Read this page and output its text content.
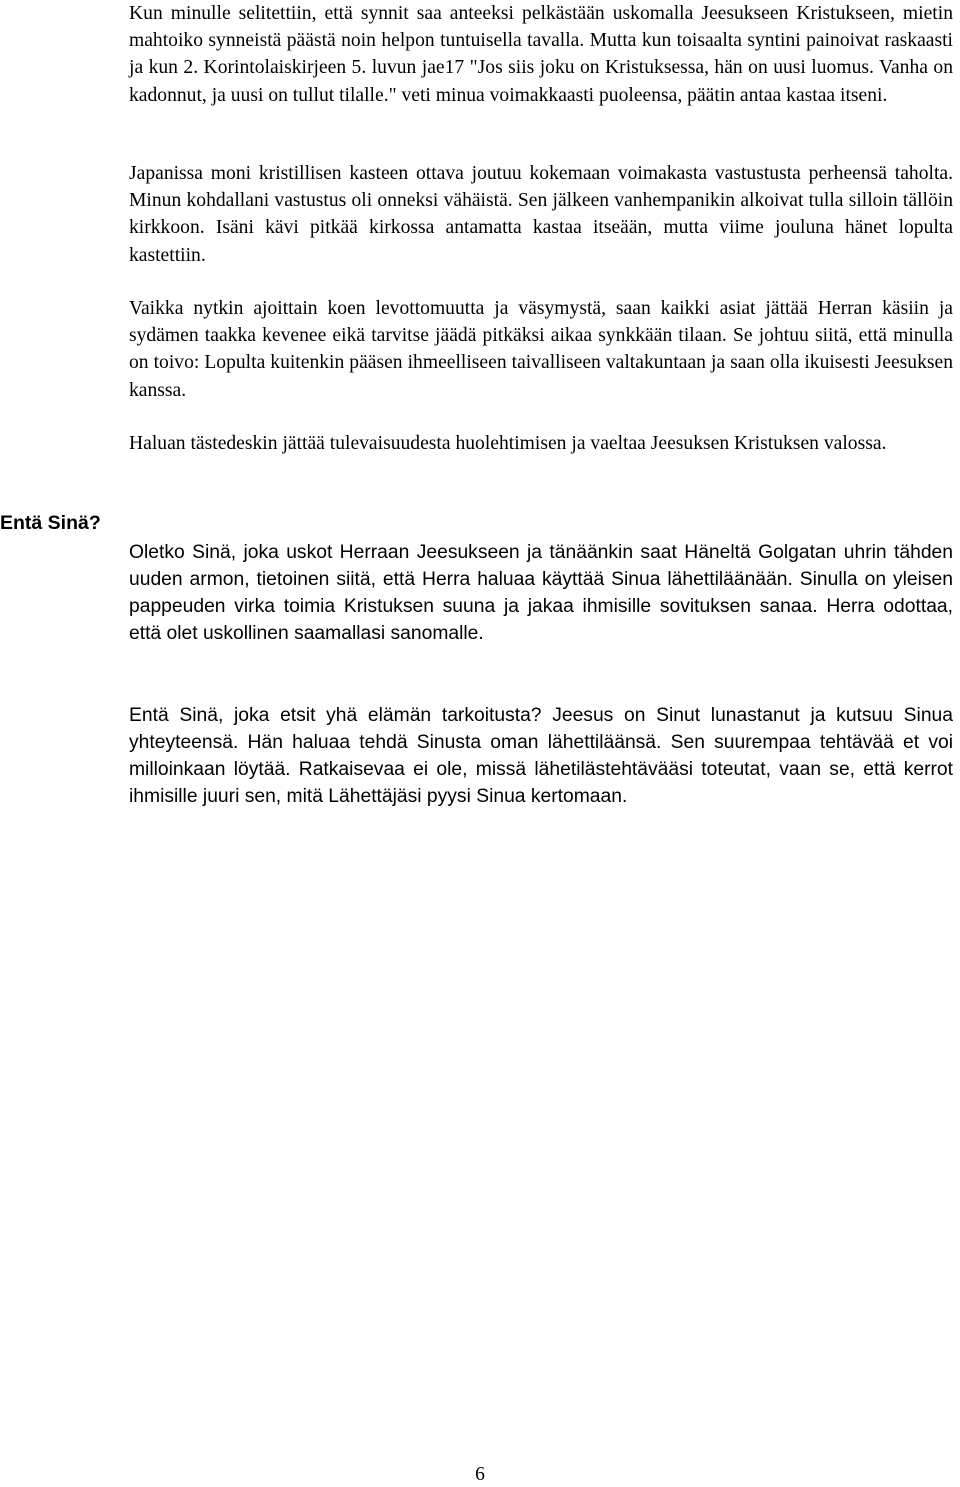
Kun minulle selitettiin, että synnit saa anteeksi pelkästään uskomalla Jeesukseen Kristukseen, mietin mahtoiko synneistä päästä noin helpon tuntuisella tavalla. Mutta kun toisaalta syntini painoivat raskaasti ja kun 2. Korintolaiskirjeen 5. luvun jae17 "Jos siis joku on Kristuksessa, hän on uusi luomus. Vanha on kadonnut, ja uusi on tullut tilalle." veti minua voimakkaasti puoleensa, päätin antaa kastaa itseni.

Japanissa moni kristillisen kasteen ottava joutuu kokemaan voimakasta vastustusta perheensä taholta. Minun kohdallani vastustus oli onneksi vähäistä. Sen jälkeen vanhempanikin alkoivat tulla silloin tällöin kirkkoon. Isäni kävi pitkää kirkossa antamatta kastaa itseään, mutta viime jouluna hänet lopulta kastettiin.

Vaikka nytkin ajoittain koen levottomuutta ja väsymystä, saan kaikki asiat jättää Herran käsiin ja sydämen taakka kevenee eikä tarvitse jäädä pitkäksi aikaa synkkään tilaan. Se johtuu siitä, että minulla on toivo: Lopulta kuitenkin pääsen ihmeelliseen taivalliseen valtakuntaan ja saan olla ikuisesti Jeesuksen kanssa.

Haluan tästedeskin jättää tulevaisuudesta huolehtimisen ja vaeltaa Jeesuksen Kristuksen valossa.

Entä Sinä?

Oletko Sinä, joka uskot Herraan Jeesukseen ja tänäänkin saat Häneltä Golgatan uhrin tähden uuden armon, tietoinen siitä, että Herra haluaa käyttää Sinua lähettiläänään. Sinulla on yleisen pappeuden virka toimia Kristuksen suuna ja jakaa ihmisille sovituksen sanaa. Herra odottaa, että olet uskollinen saamallasi sanomalle.

Entä Sinä, joka etsit yhä elämän tarkoitusta? Jeesus on Sinut lunastanut ja kutsuu Sinua yhteyteensä. Hän haluaa tehdä Sinusta oman lähettiläänsä. Sen suurempaa tehtävää et voi milloinkaan löytää. Ratkaisevaa ei ole, missä lähetilästehtävääsi toteutat, vaan se, että kerrot ihmisille juuri sen, mitä Lähettäjäsi pyysi Sinua kertomaan.

6
